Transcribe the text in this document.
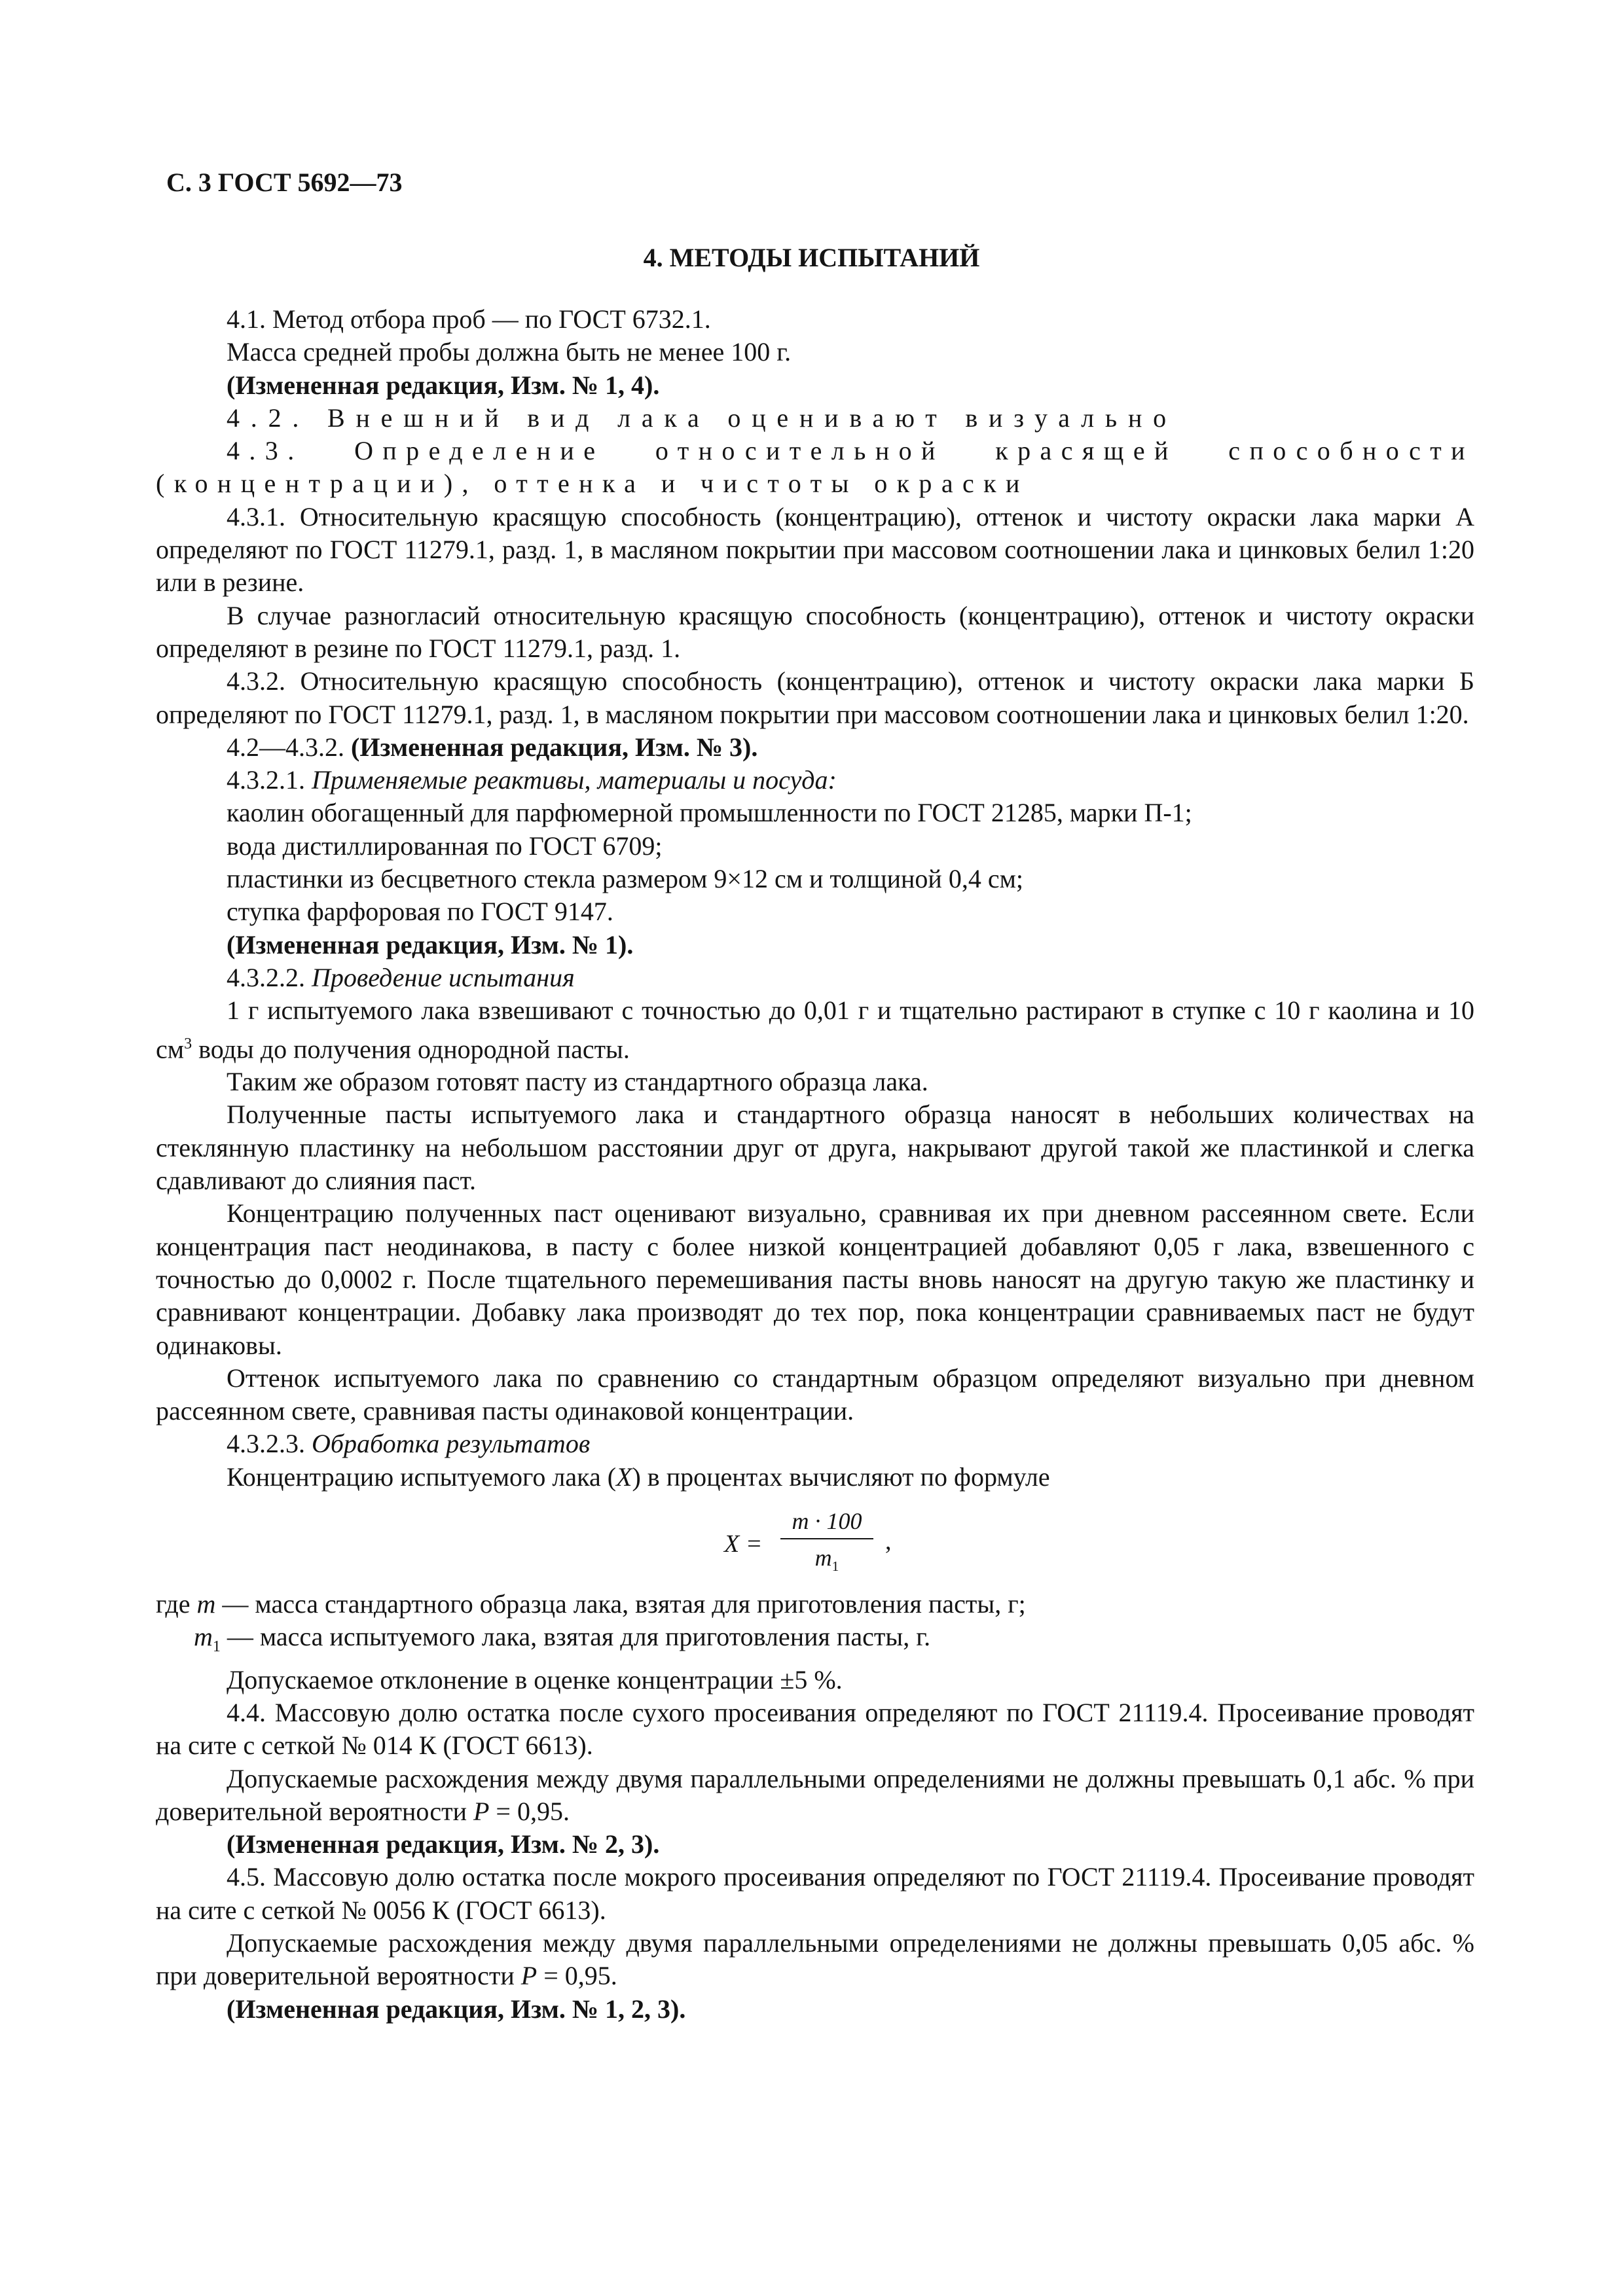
С. 3 ГОСТ 5692—73
4. МЕТОДЫ ИСПЫТАНИЙ

4.1. Метод отбора проб — по ГОСТ 6732.1.

Масса средней пробы должна быть не менее 100 г.

(Измененная редакция, Изм. № 1, 4).

4.2. Внешний вид лака оценивают визуально

4.3. Определение относительной красящей способности (концентрации), оттенка и чистоты окраски

4.3.1. Относительную красящую способность (концентрацию), оттенок и чистоту окраски лака марки А определяют по ГОСТ 11279.1, разд. 1, в масляном покрытии при массовом соотношении лака и цинковых белил 1:20 или в резине.

В случае разногласий относительную красящую способность (концентрацию), оттенок и чистоту окраски определяют в резине по ГОСТ 11279.1, разд. 1.

4.3.2. Относительную красящую способность (концентрацию), оттенок и чистоту окраски лака марки Б определяют по ГОСТ 11279.1, разд. 1, в масляном покрытии при массовом соотношении лака и цинковых белил 1:20.

4.2—4.3.2. (Измененная редакция, Изм. № 3).

4.3.2.1. Применяемые реактивы, материалы и посуда:

каолин обогащенный для парфюмерной промышленности по ГОСТ 21285, марки П-1;

вода дистиллированная по ГОСТ 6709;

пластинки из бесцветного стекла размером 9×12 см и толщиной 0,4 см;

ступка фарфоровая по ГОСТ 9147.

(Измененная редакция, Изм. № 1).

4.3.2.2. Проведение испытания

1 г испытуемого лака взвешивают с точностью до 0,01 г и тщательно растирают в ступке с 10 г каолина и 10 $см^3$ воды до получения однородной пасты.

Таким же образом готовят пасту из стандартного образца лака.

Полученные пасты испытуемого лака и стандартного образца наносят в небольших количествах на стеклянную пластинку на небольшом расстоянии друг от друга, накрывают другой такой же пластинкой и слегка сдавливают до слияния паст.

Концентрацию полученных паст оценивают визуально, сравнивая их при дневном рассеянном свете. Если концентрация паст неодинакова, в пасту с более низкой концентрацией добавляют 0,05 г лака, взвешенного с точностью до 0,0002 г. После тщательного перемешивания пасты вновь наносят на другую такую же пластинку и сравнивают концентрации. Добавку лака производят до тех пор, пока концентрации сравниваемых паст не будут одинаковы.

Оттенок испытуемого лака по сравнению со стандартным образцом определяют визуально при дневном рассеянном свете, сравнивая пасты одинаковой концентрации.

4.3.2.3. Обработка результатов

Концентрацию испытуемого лака (X) в процентах вычисляют по формуле

X =
m · 100
$m_1$
,

где m — масса стандартного образца лака, взятая для приготовления пасты, г;

$m_1$ — масса испытуемого лака, взятая для приготовления пасты, г.

Допускаемое отклонение в оценке концентрации ±5 %.

4.4. Массовую долю остатка после сухого просеивания определяют по ГОСТ 21119.4. Просеивание проводят на сите с сеткой № 014 К (ГОСТ 6613).

Допускаемые расхождения между двумя параллельными определениями не должны превышать 0,1 абс. % при доверительной вероятности P = 0,95.

(Измененная редакция, Изм. № 2, 3).

4.5. Массовую долю остатка после мокрого просеивания определяют по ГОСТ 21119.4. Просеивание проводят на сите с сеткой № 0056 К (ГОСТ 6613).

Допускаемые расхождения между двумя параллельными определениями не должны превышать 0,05 абс. % при доверительной вероятности P = 0,95.

(Измененная редакция, Изм. № 1, 2, 3).
